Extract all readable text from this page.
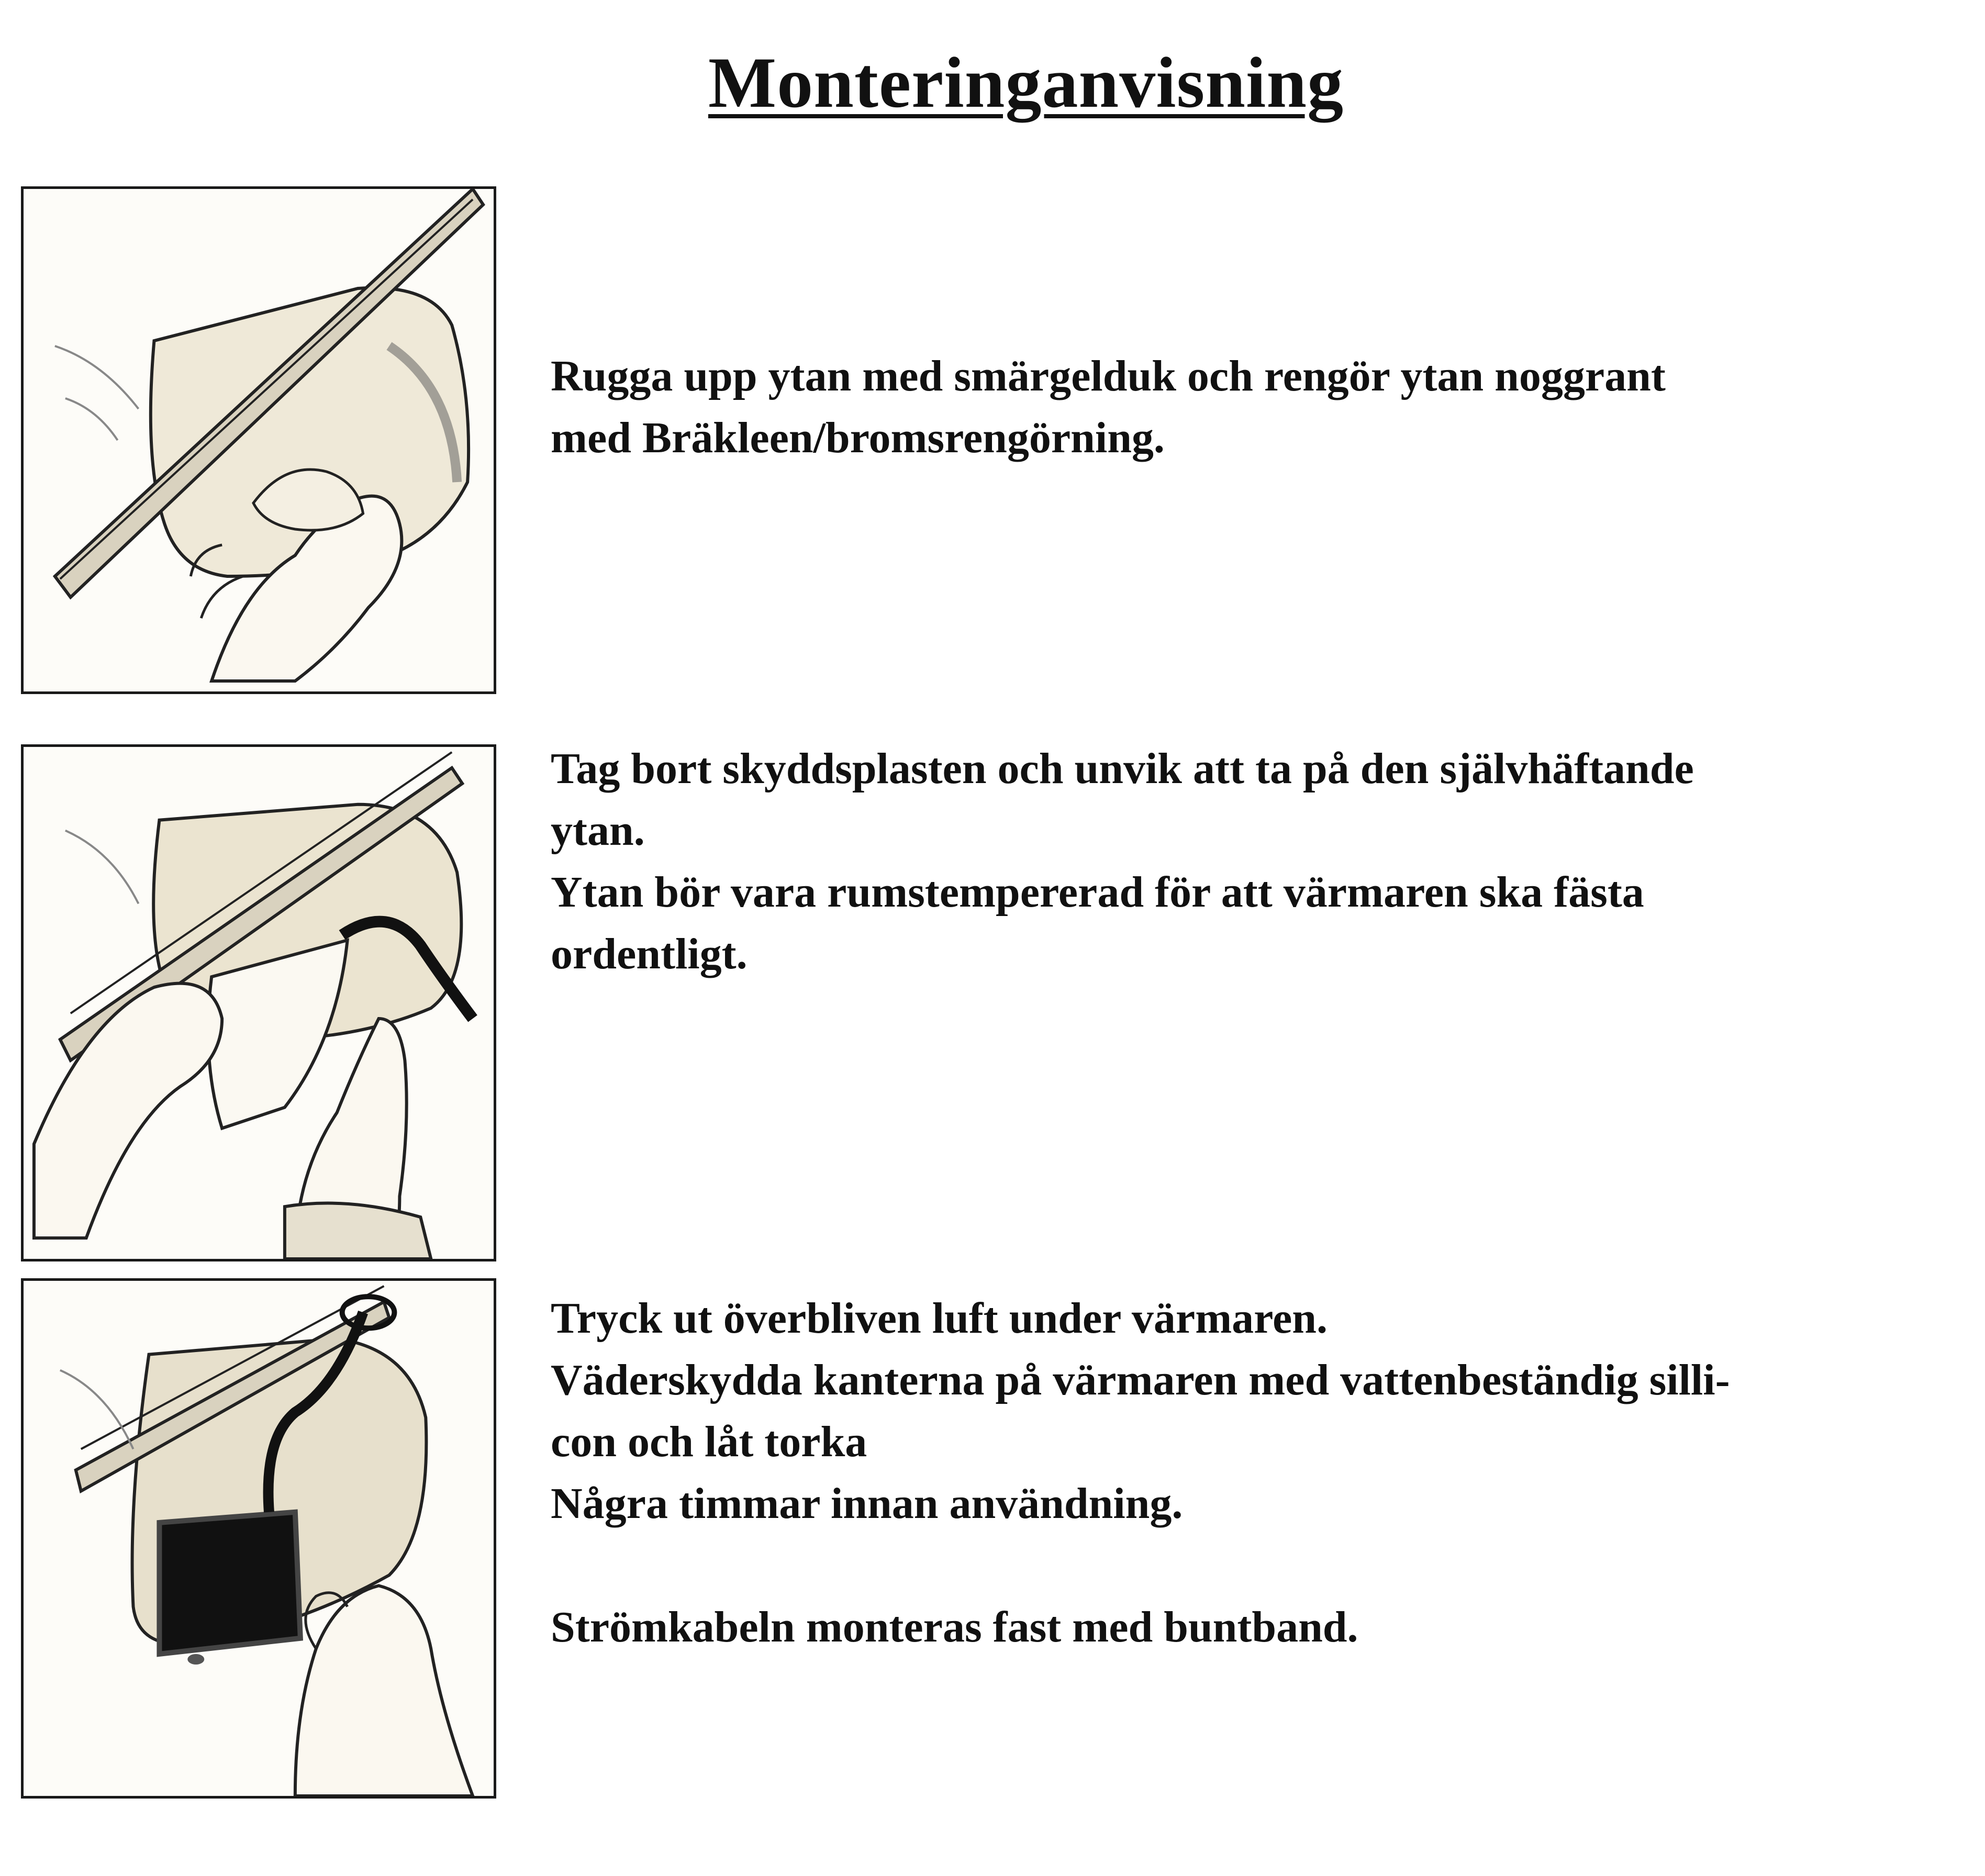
Monteringanvisning

Rugga upp ytan med smärgelduk och rengör ytan noggrant

med Bräkleen/bromsrengörning.

Tag bort skyddsplasten och unvik att ta på den självhäftande

ytan.

Ytan bör vara rumstempererad för att värmaren ska fästa

ordentligt.

Tryck ut överbliven luft under värmaren.

Väderskydda kanterna på värmaren med vattenbeständig silli-

con och låt torka

Några timmar innan användning.

Strömkabeln monteras fast med buntband.
